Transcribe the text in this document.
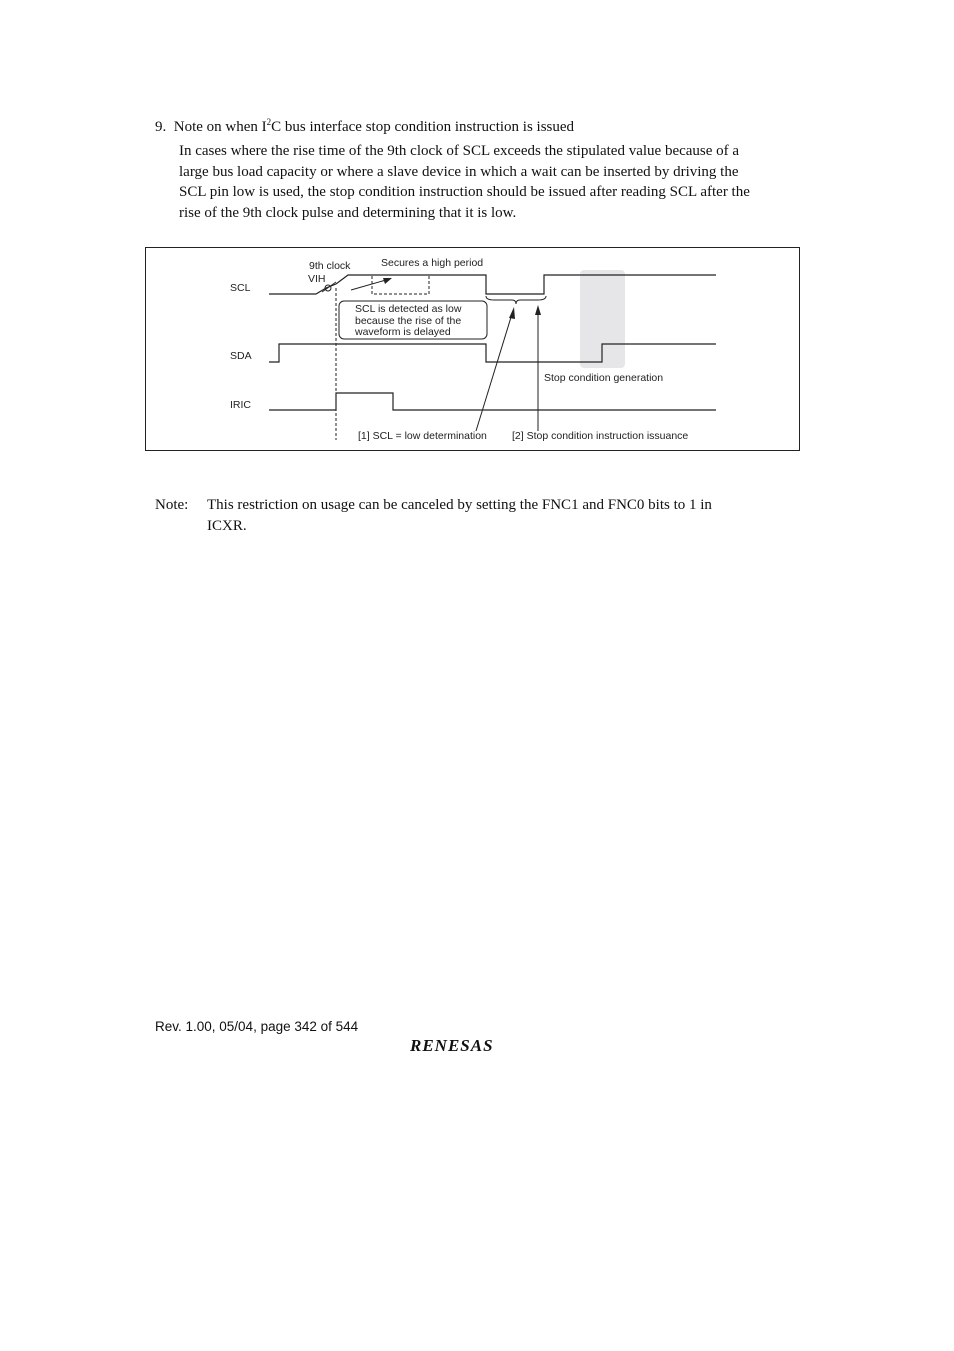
9. Note on when $I^2C$ bus interface stop condition instruction is issued
In cases where the rise time of the 9th clock of SCL exceeds the stipulated value because of a
large bus load capacity or where a slave device in which a wait can be inserted by driving the
SCL pin low is used, the stop condition instruction should be issued after reading SCL after the
rise of the 9th clock pulse and determining that it is low.
SCL
SDA
IRIC
9th clock
VIH
Secures a high period
SCL is detected as low
because the rise of the
waveform is delayed
Stop condition generation
[1] SCL = low determination [2] Stop condition instruction issuance
Note: This restriction on usage can be canceled by setting the FNC1 and FNC0 bits to 1 in
ICXR.
Rev. 1.00, 05/04, page 342 of 544
RENESAS
